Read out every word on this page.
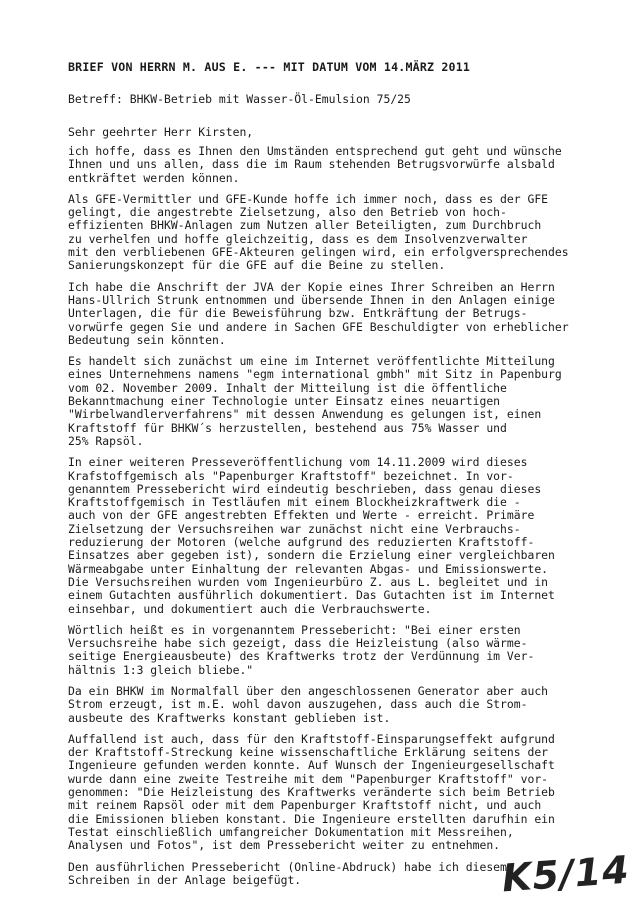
BRIEF VON HERRN M. AUS E. --- MIT DATUM VOM 14.MÄRZ 2011
Betreff: BHKW-Betrieb mit Wasser-Öl-Emulsion 75/25
Sehr geehrter Herr Kirsten,
ich hoffe, dass es Ihnen den Umständen entsprechend gut geht und wünsche
Ihnen und uns allen, dass die im Raum stehenden Betrugsvorwürfe alsbald
entkräftet werden können.
Als GFE-Vermittler und GFE-Kunde hoffe ich immer noch, dass es der GFE
gelingt, die angestrebte Zielsetzung, also den Betrieb von hoch-
effizienten BHKW-Anlagen zum Nutzen aller Beteiligten, zum Durchbruch
zu verhelfen und hoffe gleichzeitig, dass es dem Insolvenzverwalter
mit den verbliebenen GFE-Akteuren gelingen wird, ein erfolgversprechendes
Sanierungskonzept für die GFE auf die Beine zu stellen.
Ich habe die Anschrift der JVA der Kopie eines Ihrer Schreiben an Herrn
Hans-Ullrich Strunk entnommen und übersende Ihnen in den Anlagen einige
Unterlagen, die für die Beweisführung bzw. Entkräftung der Betrugs-
vorwürfe gegen Sie und andere in Sachen GFE Beschuldigter von erheblicher
Bedeutung sein könnten.
Es handelt sich zunächst um eine im Internet veröffentlichte Mitteilung
eines Unternehmens namens "egm international gmbh" mit Sitz in Papenburg
vom 02. November 2009. Inhalt der Mitteilung ist die öffentliche
Bekanntmachung einer Technologie unter Einsatz eines neuartigen
"Wirbelwandlerverfahrens" mit dessen Anwendung es gelungen ist, einen
Kraftstoff für BHKW´s herzustellen, bestehend aus 75% Wasser und
25% Rapsöl.
In einer weiteren Presseveröffentlichung vom 14.11.2009 wird dieses
Krafstoffgemisch als "Papenburger Kraftstoff" bezeichnet. In vor-
genanntem Pressebericht wird eindeutig beschrieben, dass genau dieses
Kraftstoffgemisch in Testläufen mit einem Blockheizkraftwerk die -
auch von der GFE angestrebten Effekten und Werte - erreicht. Primäre
Zielsetzung der Versuchsreihen war zunächst nicht eine Verbrauchs-
reduzierung der Motoren (welche aufgrund des reduzierten Kraftstoff-
Einsatzes aber gegeben ist), sondern die Erzielung einer vergleichbaren
Wärmeabgabe unter Einhaltung der relevanten Abgas- und Emissionswerte.
Die Versuchsreihen wurden vom Ingenieurbüro Z. aus L. begleitet und in
einem Gutachten ausführlich dokumentiert. Das Gutachten ist im Internet
einsehbar, und dokumentiert auch die Verbrauchswerte.
Wörtlich heißt es in vorgenanntem Pressebericht: "Bei einer ersten
Versuchsreihe habe sich gezeigt, dass die Heizleistung (also wärme-
seitige Energieausbeute) des Kraftwerks trotz der Verdünnung im Ver-
hältnis 1:3 gleich bliebe."
Da ein BHKW im Normalfall über den angeschlossenen Generator aber auch
Strom erzeugt, ist m.E. wohl davon auszugehen, dass auch die Strom-
ausbeute des Kraftwerks konstant geblieben ist.
Auffallend ist auch, dass für den Kraftstoff-Einsparungseffekt aufgrund
der Kraftstoff-Streckung keine wissenschaftliche Erklärung seitens der
Ingenieure gefunden werden konnte. Auf Wunsch der Ingenieurgesellschaft
wurde dann eine zweite Testreihe mit dem "Papenburger Kraftstoff" vor-
genommen: "Die Heizleistung des Kraftwerks veränderte sich beim Betrieb
mit reinem Rapsöl oder mit dem Papenburger Kraftstoff nicht, und auch
die Emissionen blieben konstant. Die Ingenieure erstellten darufhin ein
Testat einschließlich umfangreicher Dokumentation mit Messreihen,
Analysen und Fotos", ist dem Pressebericht weiter zu entnehmen.
Den ausführlichen Pressebericht (Online-Abdruck) habe ich diesem
Schreiben in der Anlage beigefügt.	K5/14
